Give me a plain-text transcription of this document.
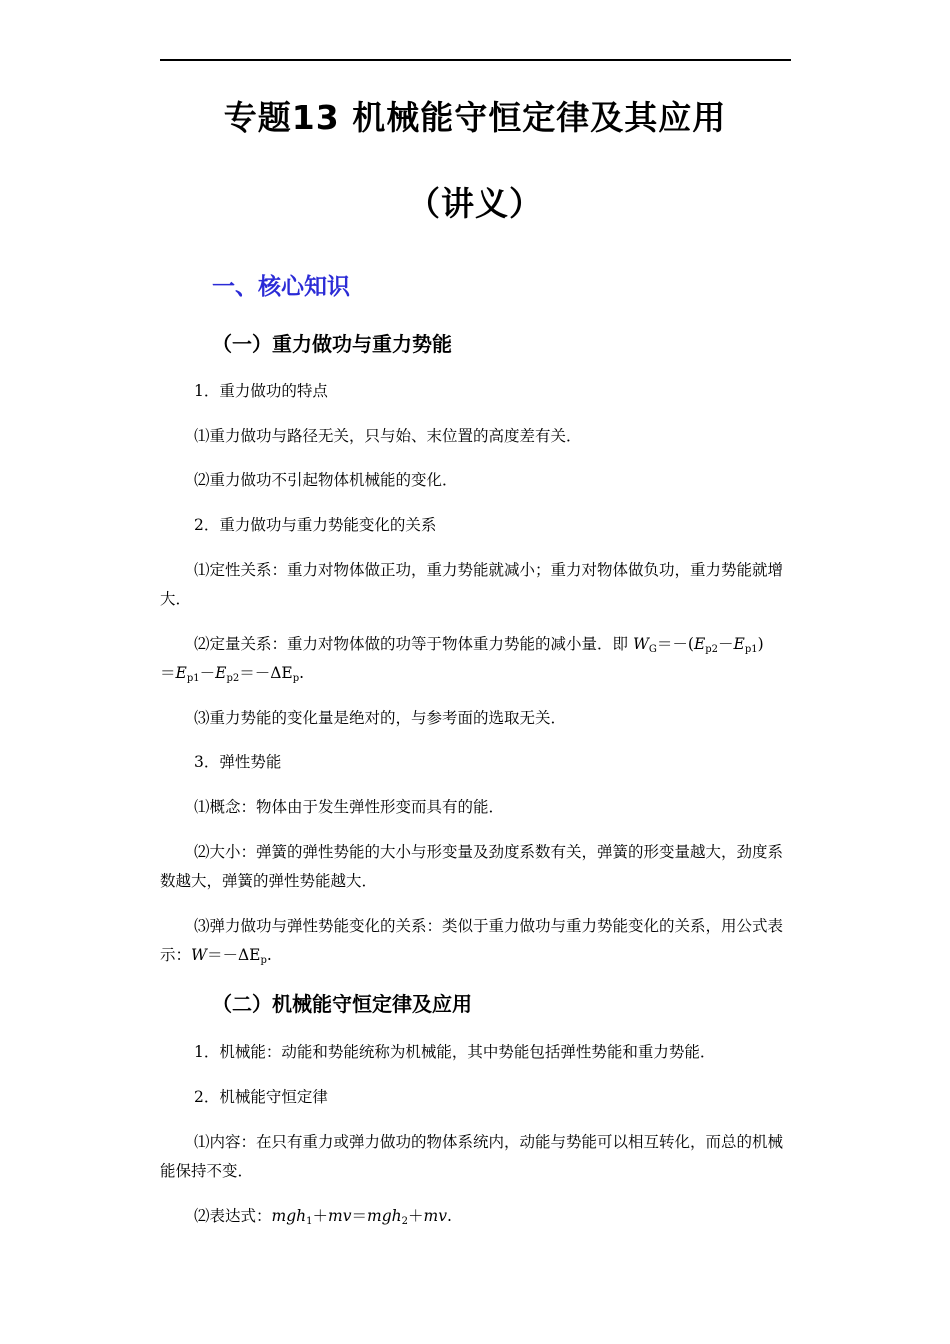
专题13 机械能守恒定律及其应用
（讲义）
一、核心知识
（一）重力做功与重力势能
1．重力做功的特点
⑴重力做功与路径无关，只与始、末位置的高度差有关．
⑵重力做功不引起物体机械能的变化．
2．重力做功与重力势能变化的关系
⑴定性关系：重力对物体做正功，重力势能就减小；重力对物体做负功，重力势能就增大．
⑵定量关系：重力对物体做的功等于物体重力势能的减小量．即 $W_G=-(E_{p2}-E_{p1})$
$=E_{p1}-E_{p2}=-\Delta E_p$.
⑶重力势能的变化量是绝对的，与参考面的选取无关．
3．弹性势能
⑴概念：物体由于发生弹性形变而具有的能．
⑵大小：弹簧的弹性势能的大小与形变量及劲度系数有关，弹簧的形变量越大，劲度系数越大，弹簧的弹性势能越大．
⑶弹力做功与弹性势能变化的关系：类似于重力做功与重力势能变化的关系，用公式表示：$W=-\Delta E_p$.
（二）机械能守恒定律及应用
1．机械能：动能和势能统称为机械能，其中势能包括弹性势能和重力势能．
2．机械能守恒定律
⑴内容：在只有重力或弹力做功的物体系统内，动能与势能可以相互转化，而总的机械能保持不变．
⑵表达式：mgh$_1$＋mv＝mgh$_2$＋mv.
